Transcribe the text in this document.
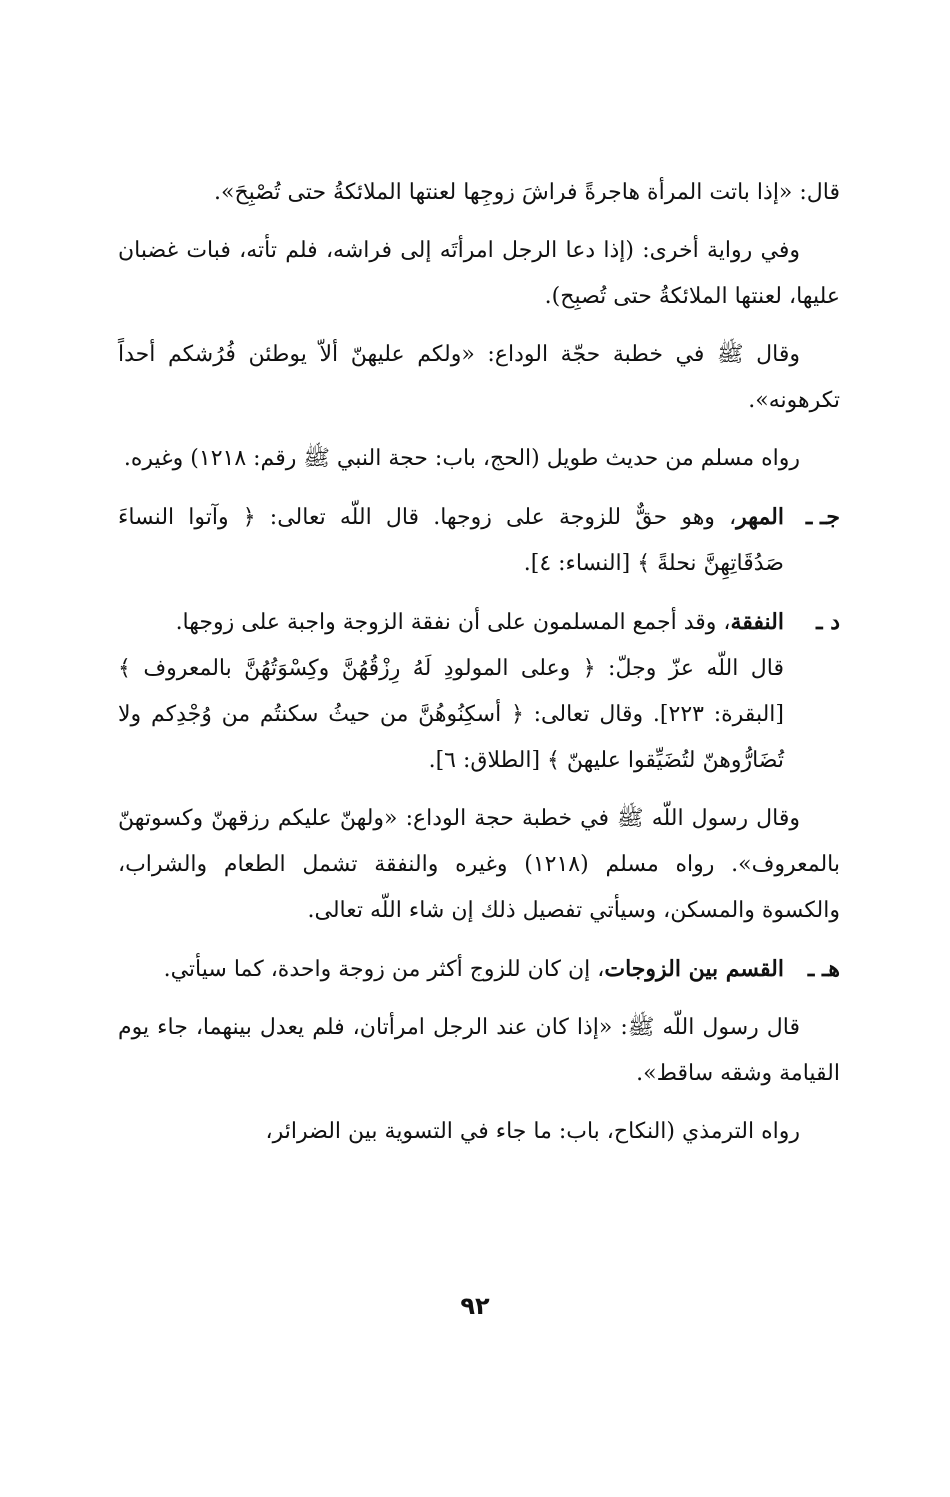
قال: «إذا باتت المرأة هاجرةً فراشَ زوجِها لعنتها الملائكةُ حتى تُصْبِحَ».

وفي رواية أخرى: (إذا دعا الرجل امرأتَه إلى فراشه، فلم تأته، فبات غضبان عليها، لعنتها الملائكةُ حتى تُصبِح).

وقال ﷺ في خطبة حجّة الوداع: «ولكم عليهنّ ألاّ يوطئن فُرُشكم أحداً تكرهونه».

رواه مسلم من حديث طويل (الحج، باب: حجة النبي ﷺ رقم: ١٢١٨) وغيره.

جـ ـ

المهر، وهو حقٌّ للزوجة على زوجها. قال اللّه تعالى: ﴿ وآتوا النساءَ صَدُقَاتِهِنَّ نحلةً ﴾ [النساء: ٤].

د ـ

النفقة، وقد أجمع المسلمون على أن نفقة الزوجة واجبة على زوجها.

قال اللّه عزّ وجلّ: ﴿ وعلى المولودِ لَهُ رِزْقُهُنَّ وكِسْوَتُهُنَّ بالمعروف ﴾ [البقرة: ٢٢٣]. وقال تعالى: ﴿ أسكِنُوهُنَّ من حيثُ سكنتُم من وُجْدِكم ولا تُضَارُّوهنّ لتُضَيِّقوا عليهنّ ﴾ [الطلاق: ٦].

وقال رسول اللّه ﷺ في خطبة حجة الوداع: «ولهنّ عليكم رزقهنّ وكسوتهنّ بالمعروف». رواه مسلم (١٢١٨) وغيره والنفقة تشمل الطعام والشراب، والكسوة والمسكن، وسيأتي تفصيل ذلك إن شاء اللّه تعالى.

هـ ـ

القسم بين الزوجات، إن كان للزوج أكثر من زوجة واحدة، كما سيأتي.

قال رسول اللّه ﷺ: «إذا كان عند الرجل امرأتان، فلم يعدل بينهما، جاء يوم القيامة وشقه ساقط».

رواه الترمذي (النكاح، باب: ما جاء في التسوية بين الضرائر،

٩٢
